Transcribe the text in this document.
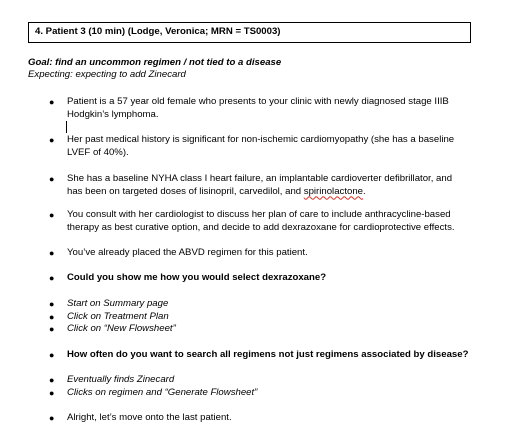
4. Patient 3 (10 min) (Lodge, Veronica; MRN = TS0003)
Goal: find an uncommon regimen / not tied to a disease
Expecting: expecting to add Zinecard
●	Patient is a 57 year old female who presents to your clinic with newly diagnosed stage IIIB Hodgkin’s lymphoma.
●	Her past medical history is significant for non-ischemic cardiomyopathy (she has a baseline LVEF of 40%).
●	She has a baseline NYHA class I heart failure, an implantable cardioverter defibrillator, and has been on targeted doses of lisinopril, carvedilol, and spirinolactone.
●	You consult with her cardiologist to discuss her plan of care to include anthracycline-based therapy as best curative option, and decide to add dexrazoxane for cardioprotective effects.
●	You’ve already placed the ABVD regimen for this patient.
●	Could you show me how you would select dexrazoxane?
●	Start on Summary page
●	Click on Treatment Plan
●	Click on “New Flowsheet”
●	How often do you want to search all regimens not just regimens associated by disease?
●	Eventually finds Zinecard
●	Clicks on regimen and “Generate Flowsheet”
●	Alright, let’s move onto the last patient.
